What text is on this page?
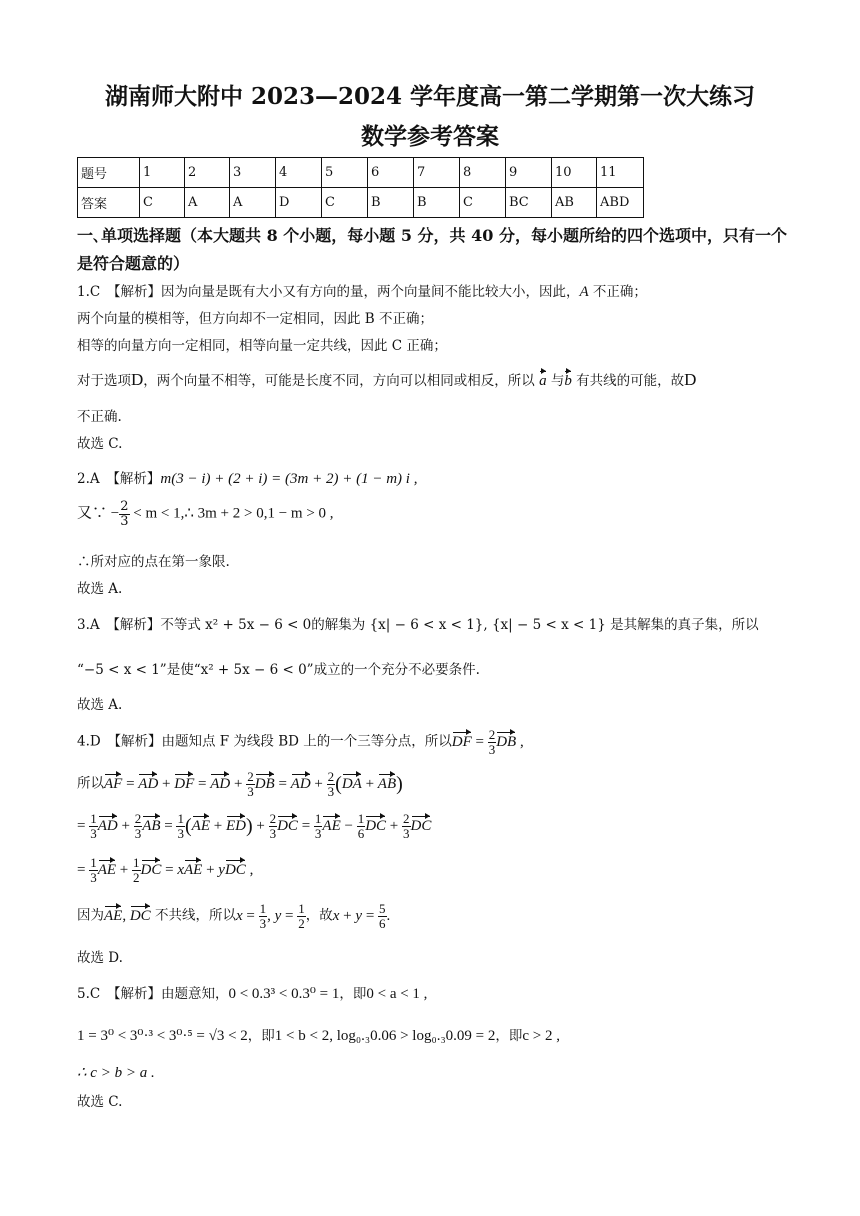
湖南师大附中 2023—2024 学年度高一第二学期第一次大练习
数学参考答案
题号	1	2	3	4	5	6	7	8	9	10	11
答案	C	A	A	D	C	B	B	C	BC	AB	ABD
一､单项选择题（本大题共 8 个小题，每小题 5 分，共 40 分，每小题所给的四个选项中，只有一个是符合题意的）
1.C　【解析】因为向量是既有大小又有方向的量，两个向量间不能比较大小，因此，A 不正确；
两个向量的模相等，但方向却不一定相同，因此 B 不正确；
相等的向量方向一定相同，相等向量一定共线，因此 C 正确；
对于选项D，两个向量不相等，可能是长度不同，方向可以相同或相反，所以 a 与b 有共线的可能，故D
不正确.
故选 C.
2.A　【解析】m(3 − i) + (2 + i) = (3m + 2) + (1 − m) i ,
又∵ − $\frac{2}{3} < m$ < 1,∴ 3m + 2 > 0,1 − m > 0 ,
∴所对应的点在第一象限.
故选 A.
3.A　【解析】不等式 x² + 5x − 6 < 0的解集为 {x| − 6 < x < 1}, {x| − 5 < x < 1} 是其解集的真子集，所以
“−5 < x < 1”是使“x² + 5x − 6 < 0”成立的一个充分不必要条件.
故选 A.
4.D　【解析】由题知点 F 为线段 BD 上的一个三等分点，所以DF = $\frac{2}{3}$ DB ,
所以AF = AD + DF = AD + $\frac{2}{3}$ DB = AD + $\frac{2}{3} (DA + AB)$
= $\frac{1}{3}$ AD + $\frac{2}{3}$ AB = $\frac{1}{3} (AE + ED) + \frac{2}{3}$ DC = $\frac{1}{3}$ AE − $\frac{1}{6}$ DC + $\frac{2}{3}$ DC
= $\frac{1}{3}$ AE + $\frac{1}{2}$ DC = xAE + yDC ,
因为AE, DC 不共线，所以$x = \frac{1}{3}$ , $y = \frac{1}{2}$ ，故$x + y = \frac{5}{6}$ .
故选 D.
5.C　【解析】由题意知，0 < 0.3³ < 0.3⁰ = 1，即0 < a < 1 ,
1 = 3⁰ < 3⁰·³ < 3⁰·⁵ = √3 < 2，即1 < b < 2, log₀.₃0.06 > log₀.₃0.09 = 2，即c > 2 ,
∴ c > b > a .
故选 C.
